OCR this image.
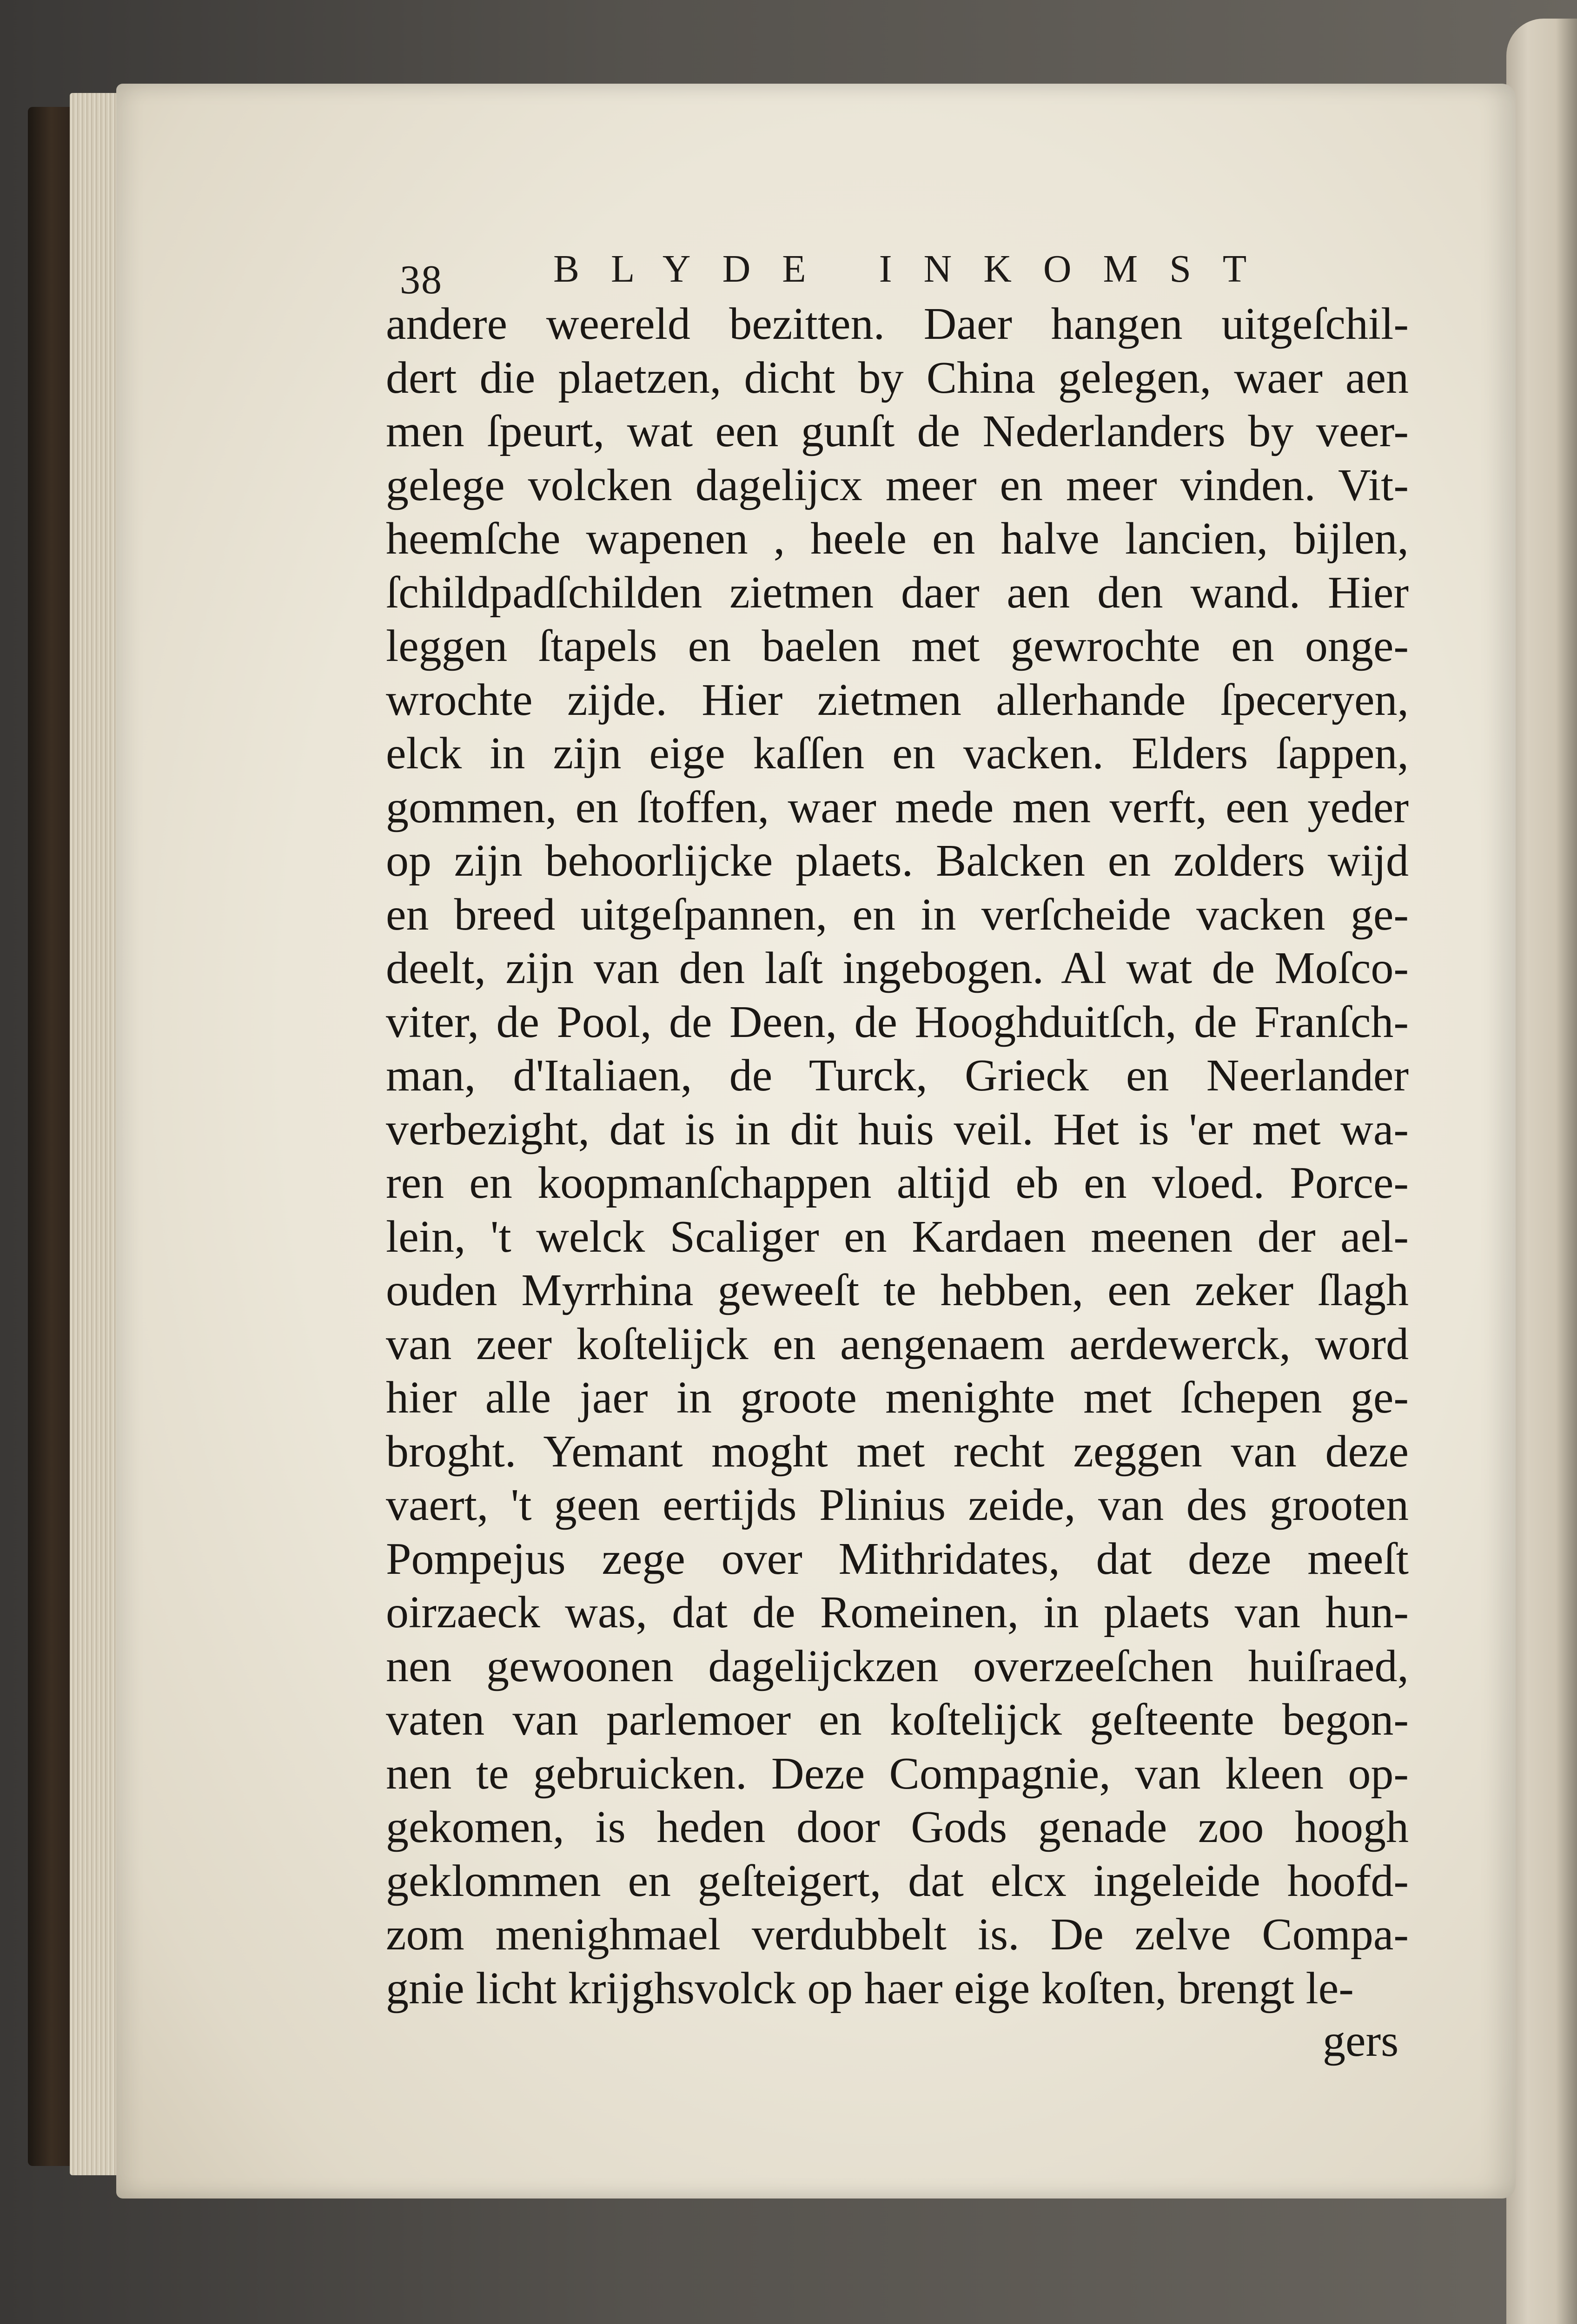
38	BLYDE INKOMST
andere weereld bezitten. Daer hangen uitgeſchil-
dert die plaetzen, dicht by China gelegen, waer aen
men ſpeurt, wat een gunſt de Nederlanders by veer-
gelege volcken dagelijcx meer en meer vinden. Vit-
heemſche wapenen , heele en halve lancien, bijlen,
ſchildpadſchilden zietmen daer aen den wand. Hier
leggen ſtapels en baelen met gewrochte en onge-
wrochte zijde. Hier zietmen allerhande ſpeceryen,
elck in zijn eige kaſſen en vacken. Elders ſappen,
gommen, en ſtoffen, waer mede men verft, een yeder
op zijn behoorlijcke plaets. Balcken en zolders wijd
en breed uitgeſpannen, en in verſcheide vacken ge-
deelt, zijn van den laſt ingebogen. Al wat de Moſco-
viter, de Pool, de Deen, de Hooghduitſch, de Franſch-
man, d'Italiaen, de Turck, Grieck en Neerlander
verbezight, dat is in dit huis veil. Het is 'er met wa-
ren en koopmanſchappen altijd eb en vloed. Porce-
lein, 't welck Scaliger en Kardaen meenen der ael-
ouden Myrrhina geweeſt te hebben, een zeker ſlagh
van zeer koſtelijck en aengenaem aerdewerck, word
hier alle jaer in groote menighte met ſchepen ge-
broght. Yemant moght met recht zeggen van deze
vaert, 't geen eertijds Plinius zeide, van des grooten
Pompejus zege over Mithridates, dat deze meeſt
oirzaeck was, dat de Romeinen, in plaets van hun-
nen gewoonen dagelijckzen overzeeſchen huiſraed,
vaten van parlemoer en koſtelijck geſteente begon-
nen te gebruicken. Deze Compagnie, van kleen op-
gekomen, is heden door Gods genade zoo hoogh
geklommen en geſteigert, dat elcx ingeleide hoofd-
zom menighmael verdubbelt is. De zelve Compa-
gnie licht krijghsvolck op haer eige koſten, brengt le-
gers
